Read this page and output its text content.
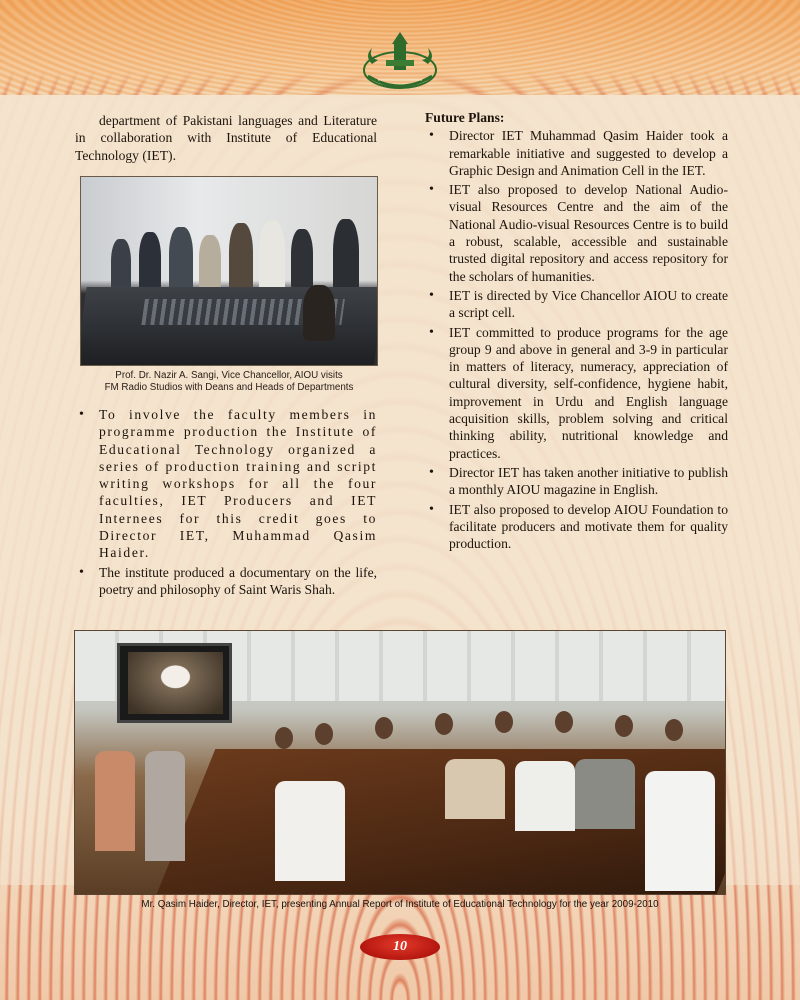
department of Pakistani languages and Literature in collaboration with Institute of Educational Technology (IET).

Prof. Dr. Nazir A. Sangi, Vice Chancellor, AIOU visits
FM Radio Studios with Deans and Heads of Departments
• To involve the faculty members in programme production the Institute of Educational Technology organized a series of production training and script writing workshops for all the four faculties, IET Producers and IET Internees for this credit goes to Director IET, Muhammad Qasim Haider.
• The institute produced a documentary on the life, poetry and philosophy of Saint Waris Shah.
Future Plans:
• Director IET Muhammad Qasim Haider took a remarkable initiative and suggested to develop a Graphic Design and Animation Cell in the IET.
• IET also proposed to develop National Audio-visual Resources Centre and the aim of the National Audio-visual Resources Centre is to build a robust, scalable, accessible and sustainable trusted digital repository and access repository for the scholars of humanities.
• IET is directed by Vice Chancellor AIOU to create a script cell.
• IET committed to produce programs for the age group 9 and above in general and 3-9 in particular in matters of literacy, numeracy, appreciation of cultural diversity, self-confidence, hygiene habit, improvement in Urdu and English language acquisition skills, problem solving and critical thinking ability, nutritional knowledge and practices.
• Director IET has taken another initiative to publish a monthly AIOU magazine in English.
• IET also proposed to develop AIOU Foundation to facilitate producers and motivate them for quality production.
Mr. Qasim Haider, Director, IET, presenting Annual Report of Institute of Educational Technology for the year 2009-2010
10
